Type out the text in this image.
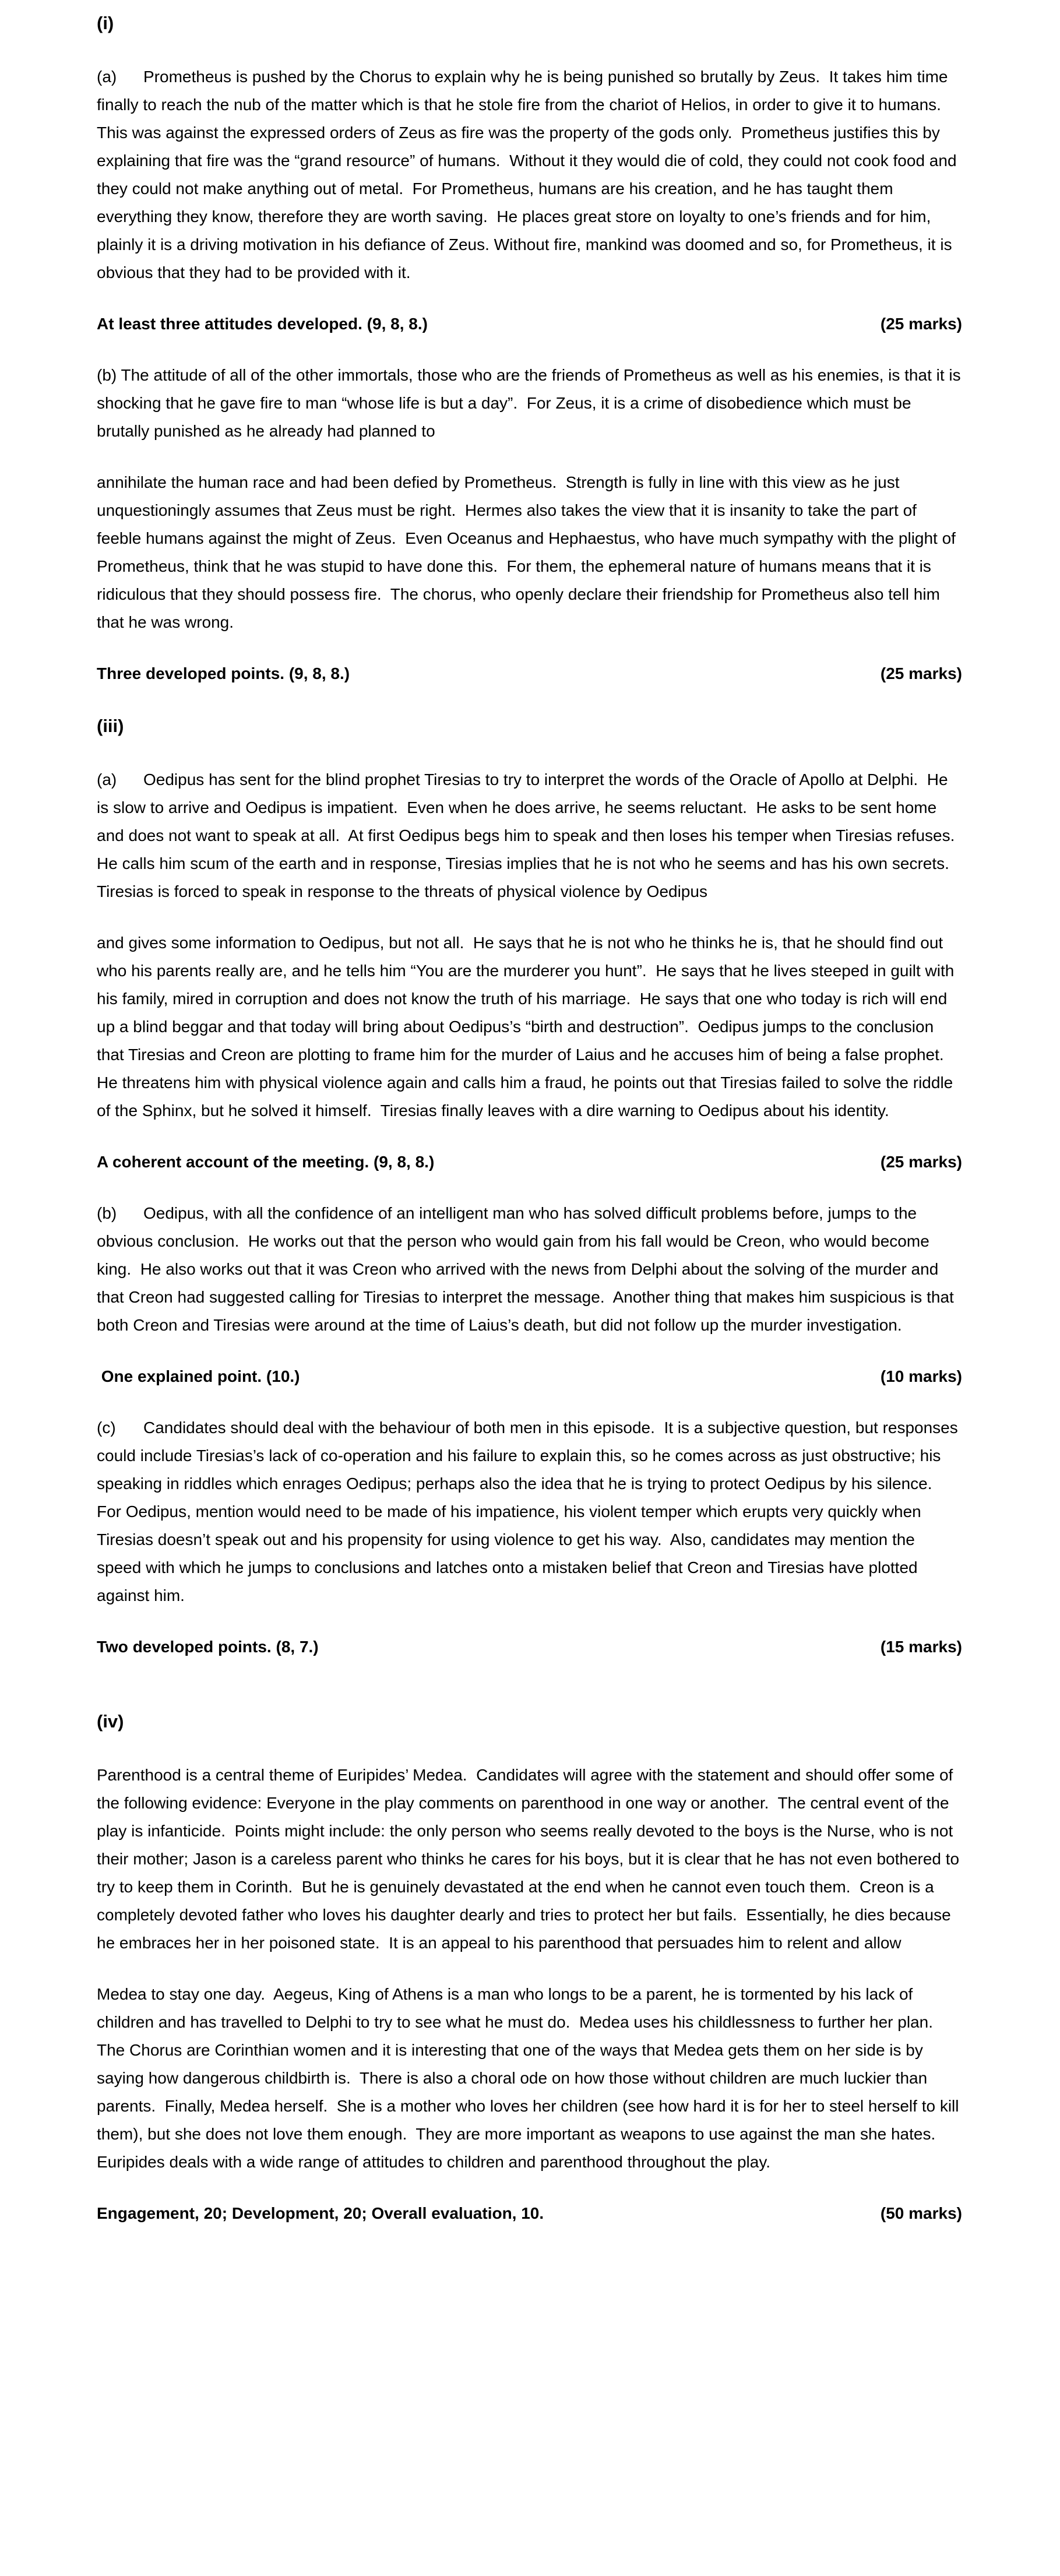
(i)

(a)	Prometheus is pushed by the Chorus to explain why he is being punished so brutally by Zeus.  It takes him time finally to reach the nub of the matter which is that he stole fire from the chariot of Helios, in order to give it to humans.  This was against the expressed orders of Zeus as fire was the property of the gods only.  Prometheus justifies this by explaining that fire was the “grand resource” of humans.  Without it they would die of cold, they could not cook food and they could not make anything out of metal.  For Prometheus, humans are his creation, and he has taught them everything they know, therefore they are worth saving.  He places great store on loyalty to one’s friends and for him, plainly it is a driving motivation in his defiance of Zeus. Without fire, mankind was doomed and so, for Prometheus, it is obvious that they had to be provided with it.

At least three attitudes developed. (9, 8, 8.)	(25 marks)

(b) The attitude of all of the other immortals, those who are the friends of Prometheus as well as his enemies, is that it is shocking that he gave fire to man “whose life is but a day”.  For Zeus, it is a crime of disobedience which must be brutally punished as he already had planned to

annihilate the human race and had been defied by Prometheus.  Strength is fully in line with this view as he just unquestioningly assumes that Zeus must be right.  Hermes also takes the view that it is insanity to take the part of feeble humans against the might of Zeus.  Even Oceanus and Hephaestus, who have much sympathy with the plight of Prometheus, think that he was stupid to have done this.  For them, the ephemeral nature of humans means that it is ridiculous that they should possess fire.  The chorus, who openly declare their friendship for Prometheus also tell him that he was wrong.

Three developed points. (9, 8, 8.)	(25 marks)
(iii)

(a)	Oedipus has sent for the blind prophet Tiresias to try to interpret the words of the Oracle of Apollo at Delphi.  He is slow to arrive and Oedipus is impatient.  Even when he does arrive, he seems reluctant.  He asks to be sent home and does not want to speak at all.  At first Oedipus begs him to speak and then loses his temper when Tiresias refuses.  He calls him scum of the earth and in response, Tiresias implies that he is not who he seems and has his own secrets.  Tiresias is forced to speak in response to the threats of physical violence by Oedipus

and gives some information to Oedipus, but not all.  He says that he is not who he thinks he is, that he should find out who his parents really are, and he tells him “You are the murderer you hunt”.  He says that he lives steeped in guilt with his family, mired in corruption and does not know the truth of his marriage.  He says that one who today is rich will end up a blind beggar and that today will bring about Oedipus’s “birth and destruction”.  Oedipus jumps to the conclusion that Tiresias and Creon are plotting to frame him for the murder of Laius and he accuses him of being a false prophet.  He threatens him with physical violence again and calls him a fraud, he points out that Tiresias failed to solve the riddle of the Sphinx, but he solved it himself.  Tiresias finally leaves with a dire warning to Oedipus about his identity.

A coherent account of the meeting. (9, 8, 8.)	(25 marks)

(b)	Oedipus, with all the confidence of an intelligent man who has solved difficult problems before, jumps to the obvious conclusion.  He works out that the person who would gain from his fall would be Creon, who would become king.  He also works out that it was Creon who arrived with the news from Delphi about the solving of the murder and that Creon had suggested calling for Tiresias to interpret the message.  Another thing that makes him suspicious is that both Creon and Tiresias were around at the time of Laius’s death, but did not follow up the murder investigation.

One explained point. (10.)	(10 marks)

(c)	Candidates should deal with the behaviour of both men in this episode.  It is a subjective question, but responses could include Tiresias’s lack of co-operation and his failure to explain this, so he comes across as just obstructive; his speaking in riddles which enrages Oedipus; perhaps also the idea that he is trying to protect Oedipus by his silence.  For Oedipus, mention would need to be made of his impatience, his violent temper which erupts very quickly when Tiresias doesn’t speak out and his propensity for using violence to get his way.  Also, candidates may mention the speed with which he jumps to conclusions and latches onto a mistaken belief that Creon and Tiresias have plotted against him.

Two developed points. (8, 7.)	(15 marks)
(iv)

Parenthood is a central theme of Euripides’ Medea.  Candidates will agree with the statement and should offer some of the following evidence: Everyone in the play comments on parenthood in one way or another.  The central event of the play is infanticide.  Points might include: the only person who seems really devoted to the boys is the Nurse, who is not their mother; Jason is a careless parent who thinks he cares for his boys, but it is clear that he has not even bothered to try to keep them in Corinth.  But he is genuinely devastated at the end when he cannot even touch them.  Creon is a completely devoted father who loves his daughter dearly and tries to protect her but fails.  Essentially, he dies because he embraces her in her poisoned state.  It is an appeal to his parenthood that persuades him to relent and allow

Medea to stay one day.  Aegeus, King of Athens is a man who longs to be a parent, he is tormented by his lack of children and has travelled to Delphi to try to see what he must do.  Medea uses his childlessness to further her plan.  The Chorus are Corinthian women and it is interesting that one of the ways that Medea gets them on her side is by saying how dangerous childbirth is.  There is also a choral ode on how those without children are much luckier than parents.  Finally, Medea herself.  She is a mother who loves her children (see how hard it is for her to steel herself to kill them), but she does not love them enough.  They are more important as weapons to use against the man she hates.  Euripides deals with a wide range of attitudes to children and parenthood throughout the play.

Engagement, 20; Development, 20; Overall evaluation, 10.	(50 marks)
